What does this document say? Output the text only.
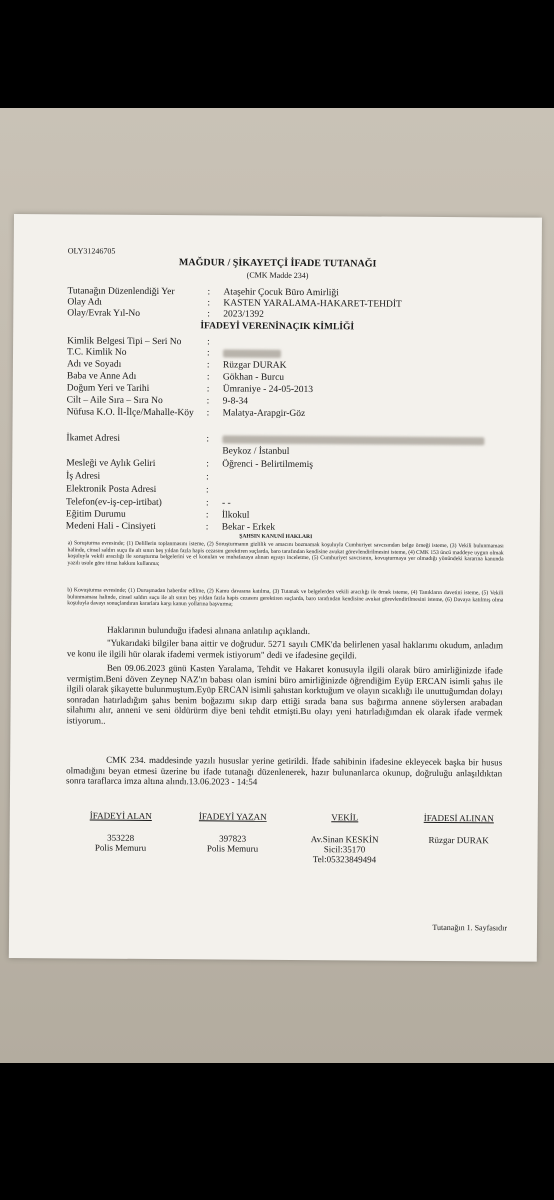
OLY31246705
MAĞDUR / ŞİKAYETÇİ İFADE TUTANAĞI
(CMK Madde 234)
Tutanağın Düzenlendiği Yer	: Ataşehir Çocuk Büro Amirliği
Olay Adı	: KASTEN YARALAMA-HAKARET-TEHDİT
Olay/Evrak Yıl-No	: 2023/1392
İFADEYİ VERENİNAÇIK KİMLİĞİ
Kimlik Belgesi Tipi – Seri No	:
T.C. Kimlik No	:
Adı ve Soyadı	: Rüzgar DURAK
Baba ve Anne Adı	: Gökhan - Burcu
Doğum Yeri ve Tarihi	: Ümraniye - 24-05-2013
Cilt – Aile Sıra – Sıra No	: 9-8-34
Nüfusa K.O. İl-İlçe/Mahalle-Köy : Malatya-Arapgir-Göz
İkamet Adresi	:
Beykoz / İstanbul
Mesleği ve Aylık Geliri	: Öğrenci - Belirtilmemiş
İş Adresi	:
Elektronik Posta Adresi	:
Telefon(ev-iş-cep-irtibat)	: - -
Eğitim Durumu	: İlkokul
Medeni Hali - Cinsiyeti	: Bekar - Erkek
ŞAHSIN KANUNİ HAKLARI
a) Soruşturma evresinde; (1) Delillerin toplanmasını isteme, (2) Soruşturmanın gizlilik ve amacını bozmamak koşuluyla Cumhuriyet savcısından belge örneği isteme, (3) Vekili bulunmaması halinde, cinsel saldırı suçu ile alt sınırı beş yıldan fazla hapis cezasını gerektiren suçlarda, baro tarafından kendisine avukat görevlendirilmesini isteme, (4) CMK 153 üncü maddeye uygun olmak koşuluyla vekili aracılığı ile soruşturma belgelerini ve el konulan ve muhafazaya alınan eşyayı inceletme, (5) Cumhuriyet savcısının, kovuşturmaya yer olmadığı yönündeki kararına kanunda yazılı usule göre itiraz hakkını kullanma;
b) Kovuşturma evresinde; (1) Duruşmadan haberdar edilme, (2) Kamu davasına katılma, (3) Tutanak ve belgelerden vekili aracılığı ile örnek isteme, (4) Tanıkların davetini isteme, (5) Vekili bulunmaması halinde, cinsel saldırı suçu ile alt sınırı beş yıldan fazla hapis cezasını gerektiren suçlarda, baro tarafından kendisine avukat görevlendirilmesini isteme, (6) Davaya katılmış olma koşuluyla davayı sonuçlandıran kararlara karşı kanun yollarına başvurma;
Haklarının bulunduğu ifadesi alınana anlatılıp açıklandı.
"Yukarıdaki bilgiler bana aittir ve doğrudur. 5271 sayılı CMK'da belirlenen yasal haklarımı okudum, anladım ve konu ile ilgili hür olarak ifademi vermek istiyorum" dedi ve ifadesine geçildi.
Ben 09.06.2023 günü Kasten Yaralama, Tehdit ve Hakaret konusuyla ilgili olarak büro amirliğinizde ifade vermiştim.Beni döven Zeynep NAZ'ın babası olan ismini büro amirliğinizde öğrendiğim Eyüp ERCAN isimli şahıs ile ilgili olarak şikayette bulunmuştum.Eyüp ERCAN isimli şahıstan korktuğum ve olayın sıcaklığı ile unuttuğumdan dolayı sonradan hatırladığım şahıs benim boğazımı sıkıp darp ettiği sırada bana sus bağırma annene söylersen arabadan silahımı alır, anneni ve seni öldürürm diye beni tehdit etmişti.Bu olayı yeni hatırladığımdan ek olarak ifade vermek istiyorum..
CMK 234. maddesinde yazılı hususlar yerine getirildi. İfade sahibinin ifadesine ekleyecek başka bir husus olmadığını beyan etmesi üzerine bu ifade tutanağı düzenlenerek, hazır bulunanlarca okunup, doğruluğu anlaşıldıktan sonra taraflarca imza altına alındı.13.06.2023 - 14:54
İFADEYİ ALAN
353228
Polis Memuru
İFADEYİ YAZAN
397823
Polis Memuru
VEKİL
Av.Sinan KESKİN
Sicil:35170
Tel:05323849494
İFADESİ ALINAN
Rüzgar DURAK
Tutanağın 1. Sayfasıdır
